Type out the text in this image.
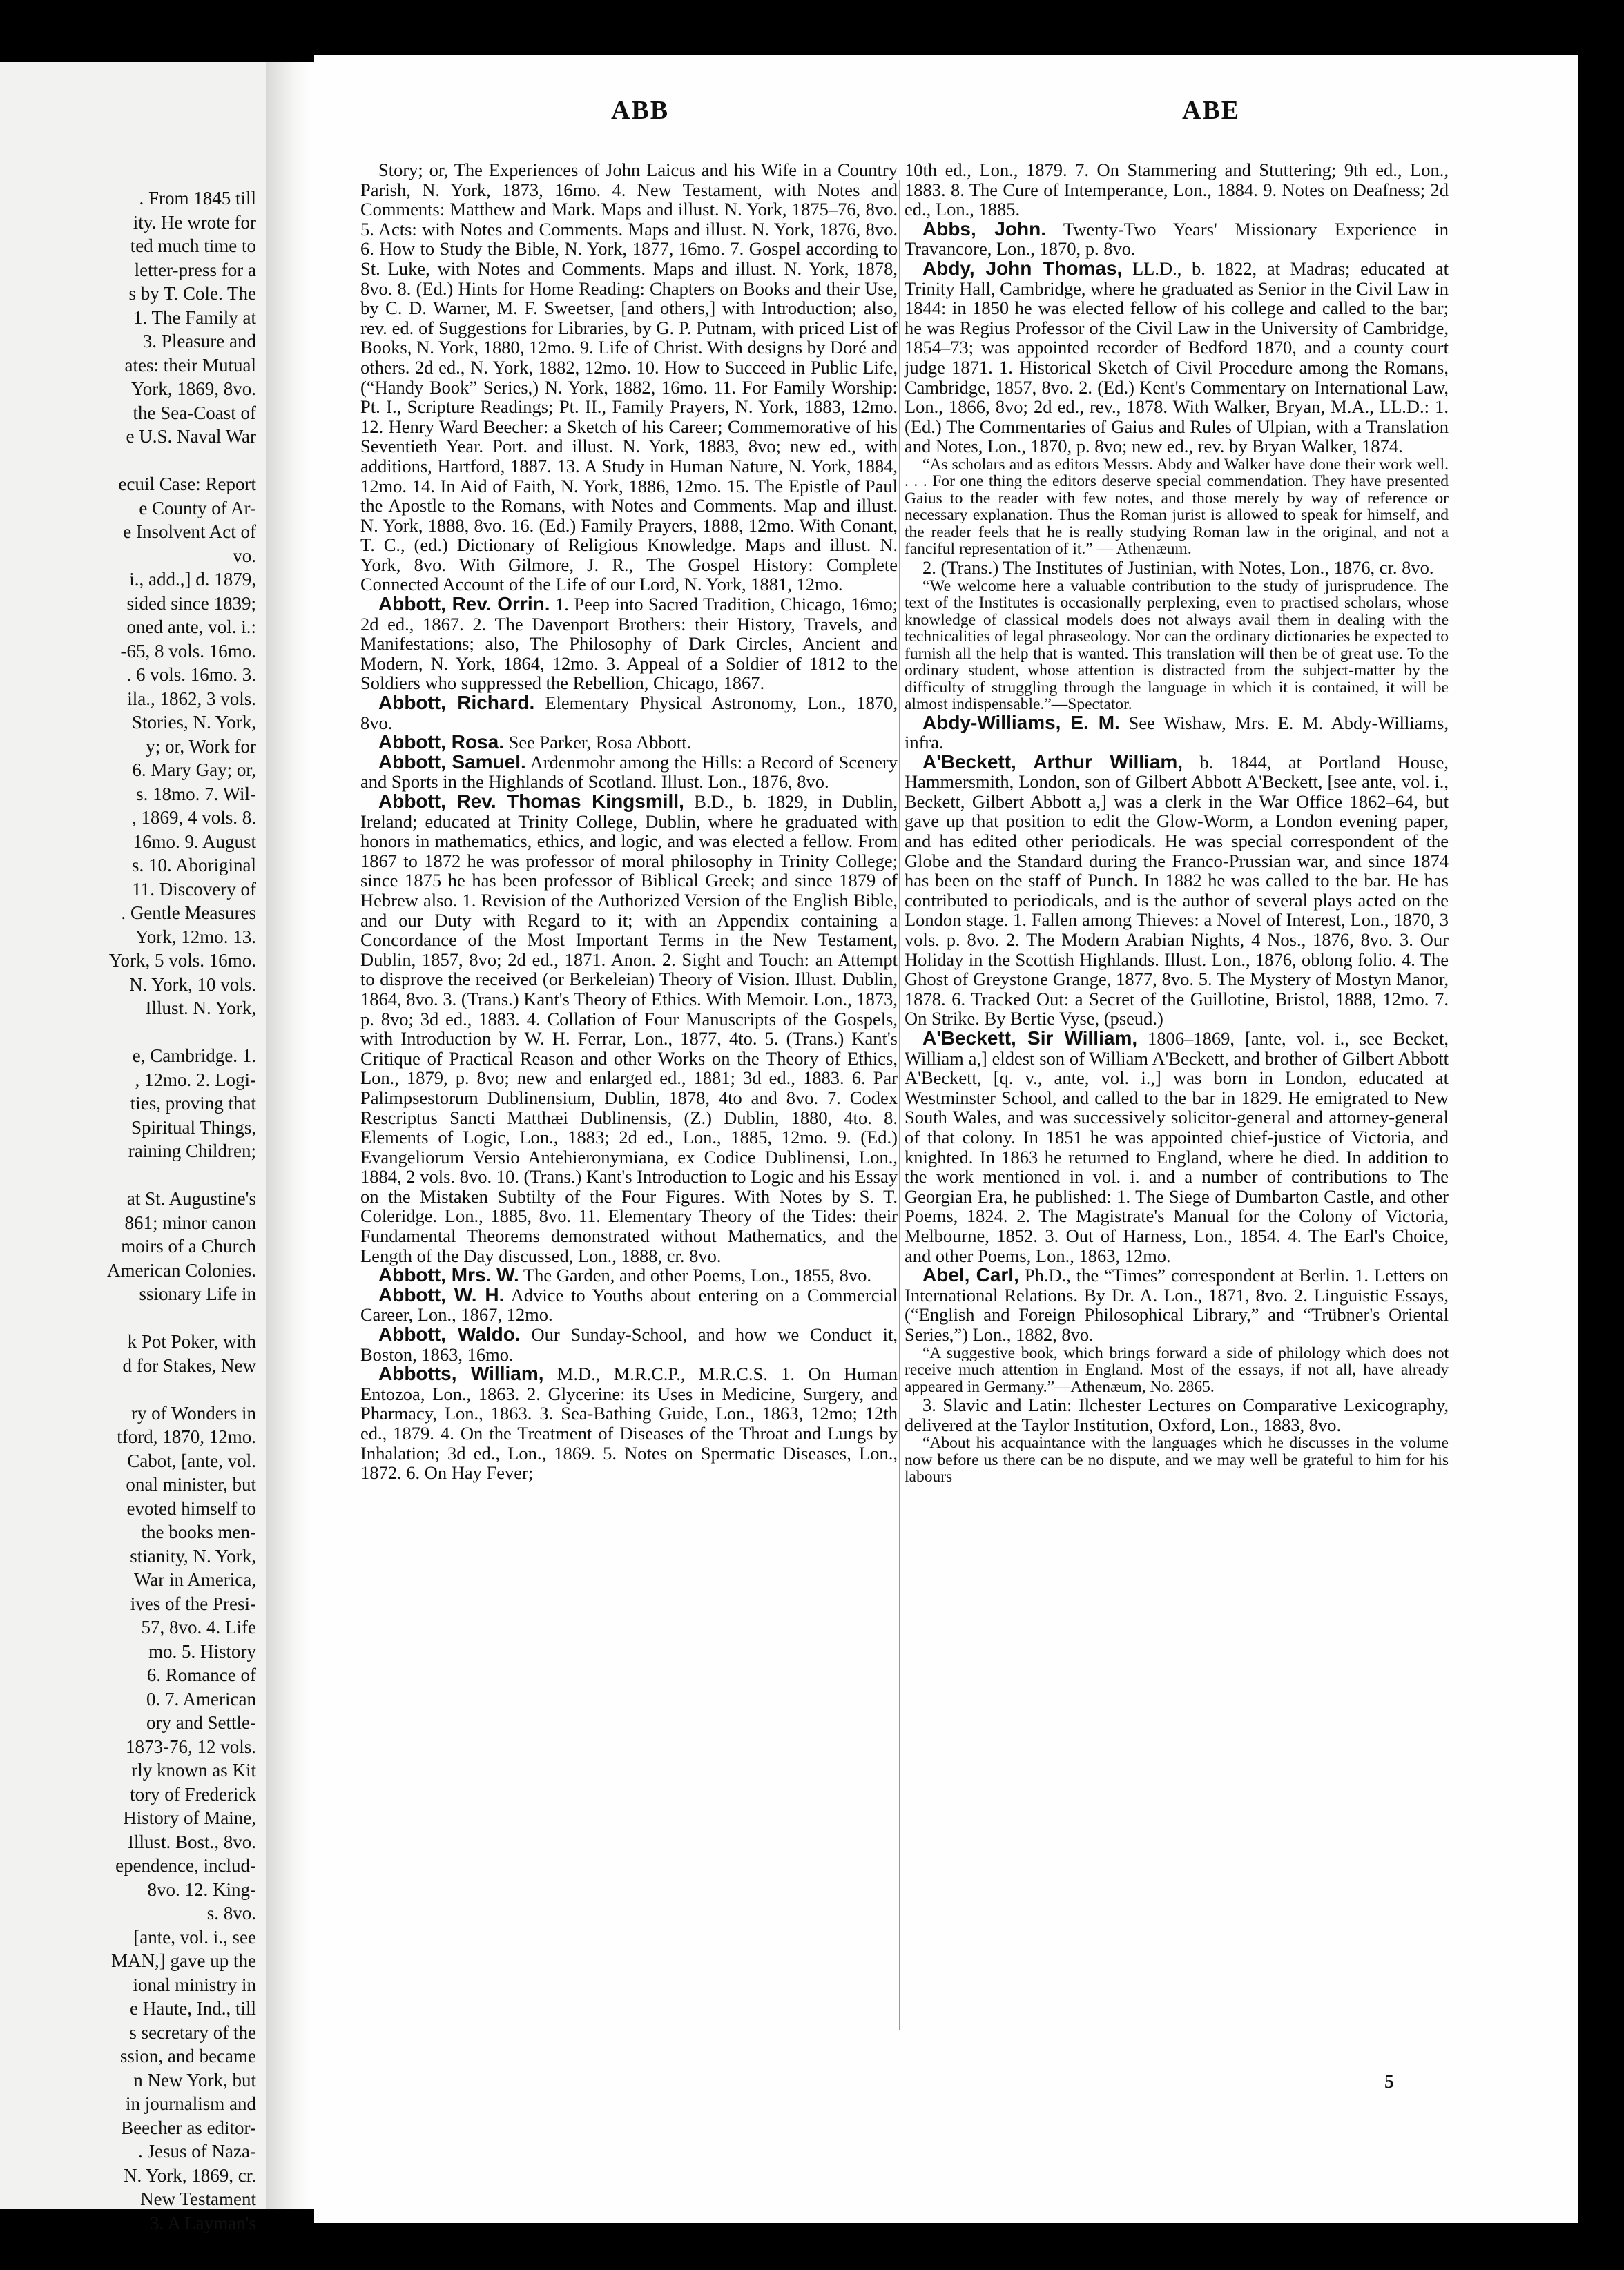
. From 1845 till
ity. He wrote for
ted much time to
letter-press for a
s by T. Cole. The
1. The Family at
3. Pleasure and
ates: their Mutual
York, 1869, 8vo.
the Sea-Coast of
e U.S. Naval War
ecuil Case: Report
e County of Ar-
e Insolvent Act of
vo.
i., add.,] d. 1879,
sided since 1839;
oned ante, vol. i.:
-65, 8 vols. 16mo.
. 6 vols. 16mo. 3.
ila., 1862, 3 vols.
Stories, N. York,
y; or, Work for
6. Mary Gay; or,
s. 18mo. 7. Wil-
, 1869, 4 vols. 8.
16mo. 9. August
s. 10. Aboriginal
11. Discovery of
. Gentle Measures
York, 12mo. 13.
York, 5 vols. 16mo.
N. York, 10 vols.
Illust. N. York,
e, Cambridge. 1.
, 12mo. 2. Logi-
ties, proving that
Spiritual Things,
raining Children;
at St. Augustine's
861; minor canon
moirs of a Church
American Colonies.
ssionary Life in
k Pot Poker, with
d for Stakes, New
ry of Wonders in
tford, 1870, 12mo.
Cabot, [ante, vol.
onal minister, but
evoted himself to
the books men-
stianity, N. York,
War in America,
ives of the Presi-
57, 8vo. 4. Life
mo. 5. History
6. Romance of
0. 7. American
ory and Settle-
1873-76, 12 vols.
rly known as Kit
tory of Frederick
History of Maine,
Illust. Bost., 8vo.
ependence, includ-
8vo. 12. King-
s. 8vo.
[ante, vol. i., see
MAN,] gave up the
ional ministry in
e Haute, Ind., till
s secretary of the
ssion, and became
n New York, but
in journalism and
Beecher as editor-
. Jesus of Naza-
N. York, 1869, cr.
New Testament
3. A Layman's
ABB	ABE

Story; or, The Experiences of John Laicus and his Wife in a Country Parish, N. York, 1873, 16mo. 4. New Testament, with Notes and Comments: Matthew and Mark. Maps and illust. N. York, 1875–76, 8vo. 5. Acts: with Notes and Comments. Maps and illust. N. York, 1876, 8vo. 6. How to Study the Bible, N. York, 1877, 16mo. 7. Gospel according to St. Luke, with Notes and Comments. Maps and illust. N. York, 1878, 8vo. 8. (Ed.) Hints for Home Reading: Chapters on Books and their Use, by C. D. Warner, M. F. Sweetser, [and others,] with Introduction; also, rev. ed. of Suggestions for Libraries, by G. P. Putnam, with priced List of Books, N. York, 1880, 12mo. 9. Life of Christ. With designs by Doré and others. 2d ed., N. York, 1882, 12mo. 10. How to Succeed in Public Life, (“Handy Book” Series,) N. York, 1882, 16mo. 11. For Family Worship: Pt. I., Scripture Readings; Pt. II., Family Prayers, N. York, 1883, 12mo. 12. Henry Ward Beecher: a Sketch of his Career; Commemorative of his Seventieth Year. Port. and illust. N. York, 1883, 8vo; new ed., with additions, Hartford, 1887. 13. A Study in Human Nature, N. York, 1884, 12mo. 14. In Aid of Faith, N. York, 1886, 12mo. 15. The Epistle of Paul the Apostle to the Romans, with Notes and Comments. Map and illust. N. York, 1888, 8vo. 16. (Ed.) Family Prayers, 1888, 12mo. With Conant, T. C., (ed.) Dictionary of Religious Knowledge. Maps and illust. N. York, 8vo. With Gilmore, J. R., The Gospel History: Complete Connected Account of the Life of our Lord, N. York, 1881, 12mo.

Abbott, Rev. Orrin. 1. Peep into Sacred Tradition, Chicago, 16mo; 2d ed., 1867. 2. The Davenport Brothers: their History, Travels, and Manifestations; also, The Philosophy of Dark Circles, Ancient and Modern, N. York, 1864, 12mo. 3. Appeal of a Soldier of 1812 to the Soldiers who suppressed the Rebellion, Chicago, 1867.

Abbott, Richard. Elementary Physical Astronomy, Lon., 1870, 8vo.

Abbott, Rosa. See Parker, Rosa Abbott.

Abbott, Samuel. Ardenmohr among the Hills: a Record of Scenery and Sports in the Highlands of Scotland. Illust. Lon., 1876, 8vo.

Abbott, Rev. Thomas Kingsmill, B.D., b. 1829, in Dublin, Ireland; educated at Trinity College, Dublin, where he graduated with honors in mathematics, ethics, and logic, and was elected a fellow. From 1867 to 1872 he was professor of moral philosophy in Trinity College; since 1875 he has been professor of Biblical Greek; and since 1879 of Hebrew also. 1. Revision of the Authorized Version of the English Bible, and our Duty with Regard to it; with an Appendix containing a Concordance of the Most Important Terms in the New Testament, Dublin, 1857, 8vo; 2d ed., 1871. Anon. 2. Sight and Touch: an Attempt to disprove the received (or Berkeleian) Theory of Vision. Illust. Dublin, 1864, 8vo. 3. (Trans.) Kant's Theory of Ethics. With Memoir. Lon., 1873, p. 8vo; 3d ed., 1883. 4. Collation of Four Manuscripts of the Gospels, with Introduction by W. H. Ferrar, Lon., 1877, 4to. 5. (Trans.) Kant's Critique of Practical Reason and other Works on the Theory of Ethics, Lon., 1879, p. 8vo; new and enlarged ed., 1881; 3d ed., 1883. 6. Par Palimpsestorum Dublinensium, Dublin, 1878, 4to and 8vo. 7. Codex Rescriptus Sancti Matthæi Dublinensis, (Z.) Dublin, 1880, 4to. 8. Elements of Logic, Lon., 1883; 2d ed., Lon., 1885, 12mo. 9. (Ed.) Evangeliorum Versio Antehieronymiana, ex Codice Dublinensi, Lon., 1884, 2 vols. 8vo. 10. (Trans.) Kant's Introduction to Logic and his Essay on the Mistaken Subtilty of the Four Figures. With Notes by S. T. Coleridge. Lon., 1885, 8vo. 11. Elementary Theory of the Tides: their Fundamental Theorems demonstrated without Mathematics, and the Length of the Day discussed, Lon., 1888, cr. 8vo.

Abbott, Mrs. W. The Garden, and other Poems, Lon., 1855, 8vo.

Abbott, W. H. Advice to Youths about entering on a Commercial Career, Lon., 1867, 12mo.

Abbott, Waldo. Our Sunday-School, and how we Conduct it, Boston, 1863, 16mo.

Abbotts, William, M.D., M.R.C.P., M.R.C.S. 1. On Human Entozoa, Lon., 1863. 2. Glycerine: its Uses in Medicine, Surgery, and Pharmacy, Lon., 1863. 3. Sea-Bathing Guide, Lon., 1863, 12mo; 12th ed., 1879. 4. On the Treatment of Diseases of the Throat and Lungs by Inhalation; 3d ed., Lon., 1869. 5. Notes on Spermatic Diseases, Lon., 1872. 6. On Hay Fever;

10th ed., Lon., 1879. 7. On Stammering and Stuttering; 9th ed., Lon., 1883. 8. The Cure of Intemperance, Lon., 1884. 9. Notes on Deafness; 2d ed., Lon., 1885.

Abbs, John. Twenty-Two Years' Missionary Experience in Travancore, Lon., 1870, p. 8vo.

Abdy, John Thomas, LL.D., b. 1822, at Madras; educated at Trinity Hall, Cambridge, where he graduated as Senior in the Civil Law in 1844: in 1850 he was elected fellow of his college and called to the bar; he was Regius Professor of the Civil Law in the University of Cambridge, 1854–73; was appointed recorder of Bedford 1870, and a county court judge 1871. 1. Historical Sketch of Civil Procedure among the Romans, Cambridge, 1857, 8vo. 2. (Ed.) Kent's Commentary on International Law, Lon., 1866, 8vo; 2d ed., rev., 1878. With Walker, Bryan, M.A., LL.D.: 1. (Ed.) The Commentaries of Gaius and Rules of Ulpian, with a Translation and Notes, Lon., 1870, p. 8vo; new ed., rev. by Bryan Walker, 1874.

“As scholars and as editors Messrs. Abdy and Walker have done their work well. . . . For one thing the editors deserve special commendation. They have presented Gaius to the reader with few notes, and those merely by way of reference or necessary explanation. Thus the Roman jurist is allowed to speak for himself, and the reader feels that he is really studying Roman law in the original, and not a fanciful representation of it.” — Athenæum.

2. (Trans.) The Institutes of Justinian, with Notes, Lon., 1876, cr. 8vo.

“We welcome here a valuable contribution to the study of jurisprudence. The text of the Institutes is occasionally perplexing, even to practised scholars, whose knowledge of classical models does not always avail them in dealing with the technicalities of legal phraseology. Nor can the ordinary dictionaries be expected to furnish all the help that is wanted. This translation will then be of great use. To the ordinary student, whose attention is distracted from the subject-matter by the difficulty of struggling through the language in which it is contained, it will be almost indispensable.”—Spectator.

Abdy-Williams, E. M. See Wishaw, Mrs. E. M. Abdy-Williams, infra.

A'Beckett, Arthur William, b. 1844, at Portland House, Hammersmith, London, son of Gilbert Abbott A'Beckett, [see ante, vol. i., Beckett, Gilbert Abbott a,] was a clerk in the War Office 1862–64, but gave up that position to edit the Glow-Worm, a London evening paper, and has edited other periodicals. He was special correspondent of the Globe and the Standard during the Franco-Prussian war, and since 1874 has been on the staff of Punch. In 1882 he was called to the bar. He has contributed to periodicals, and is the author of several plays acted on the London stage. 1. Fallen among Thieves: a Novel of Interest, Lon., 1870, 3 vols. p. 8vo. 2. The Modern Arabian Nights, 4 Nos., 1876, 8vo. 3. Our Holiday in the Scottish Highlands. Illust. Lon., 1876, oblong folio. 4. The Ghost of Greystone Grange, 1877, 8vo. 5. The Mystery of Mostyn Manor, 1878. 6. Tracked Out: a Secret of the Guillotine, Bristol, 1888, 12mo. 7. On Strike. By Bertie Vyse, (pseud.)

A'Beckett, Sir William, 1806–1869, [ante, vol. i., see Becket, William a,] eldest son of William A'Beckett, and brother of Gilbert Abbott A'Beckett, [q. v., ante, vol. i.,] was born in London, educated at Westminster School, and called to the bar in 1829. He emigrated to New South Wales, and was successively solicitor-general and attorney-general of that colony. In 1851 he was appointed chief-justice of Victoria, and knighted. In 1863 he returned to England, where he died. In addition to the work mentioned in vol. i. and a number of contributions to The Georgian Era, he published: 1. The Siege of Dumbarton Castle, and other Poems, 1824. 2. The Magistrate's Manual for the Colony of Victoria, Melbourne, 1852. 3. Out of Harness, Lon., 1854. 4. The Earl's Choice, and other Poems, Lon., 1863, 12mo.

Abel, Carl, Ph.D., the “Times” correspondent at Berlin. 1. Letters on International Relations. By Dr. A. Lon., 1871, 8vo. 2. Linguistic Essays, (“English and Foreign Philosophical Library,” and “Trübner's Oriental Series,”) Lon., 1882, 8vo.

“A suggestive book, which brings forward a side of philology which does not receive much attention in England. Most of the essays, if not all, have already appeared in Germany.”—Athenæum, No. 2865.

3. Slavic and Latin: Ilchester Lectures on Comparative Lexicography, delivered at the Taylor Institution, Oxford, Lon., 1883, 8vo.

“About his acquaintance with the languages which he discusses in the volume now before us there can be no dispute, and we may well be grateful to him for his labours

5
